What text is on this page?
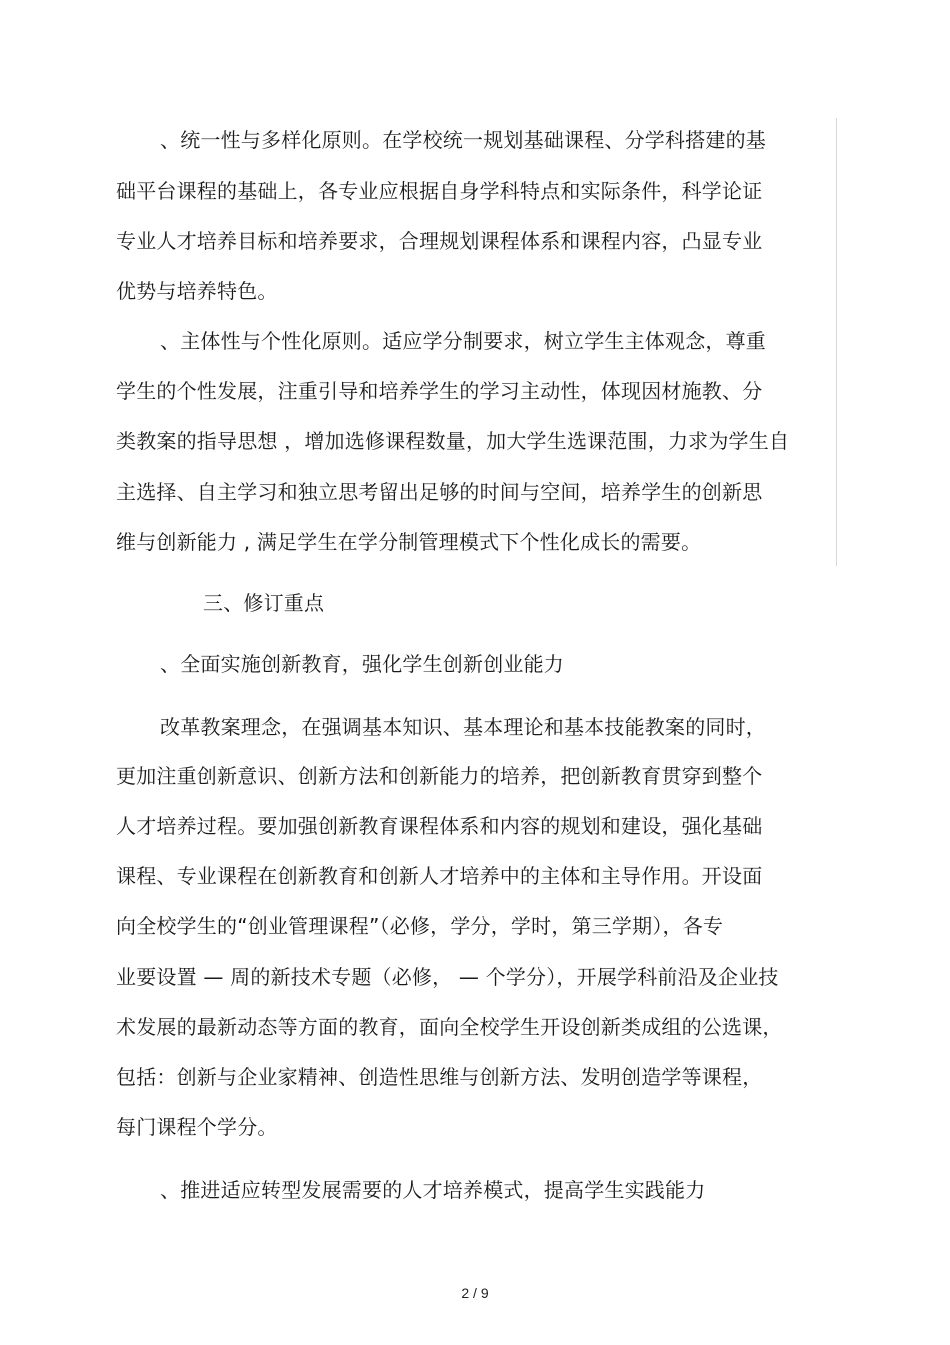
、统一性与多样化原则。在学校统一规划基础课程、分学科搭建的基
础平台课程的基础上，各专业应根据自身学科特点和实际条件，科学论证
专业人才培养目标和培养要求，合理规划课程体系和课程内容，凸显专业
优势与培养特色。
、主体性与个性化原则。适应学分制要求，树立学生主体观念，尊重
学生的个性发展，注重引导和培养学生的学习主动性，体现因材施教、分
类教案的指导思想 ，增加选修课程数量，加大学生选课范围，力求为学生自
主选择、自主学习和独立思考留出足够的时间与空间，培养学生的创新思
维与创新能力 , 满足学生在学分制管理模式下个性化成长的需要。
三、修订重点
、全面实施创新教育，强化学生创新创业能力
改革教案理念，在强调基本知识、基本理论和基本技能教案的同时，
更加注重创新意识、创新方法和创新能力的培养，把创新教育贯穿到整个
人才培养过程。要加强创新教育课程体系和内容的规划和建设，强化基础
课程、专业课程在创新教育和创新人才培养中的主体和主导作用。开设面
向全校学生的“创业管理课程”（必修，学分，学时，第三学期），各专
业要设置 — 周的新技术专题（必修， — 个学分），开展学科前沿及企业技
术发展的最新动态等方面的教育，面向全校学生开设创新类成组的公选课，
包括：创新与企业家精神、创造性思维与创新方法、发明创造学等课程，
每门课程个学分。
、推进适应转型发展需要的人才培养模式，提高学生实践能力
2 / 9
